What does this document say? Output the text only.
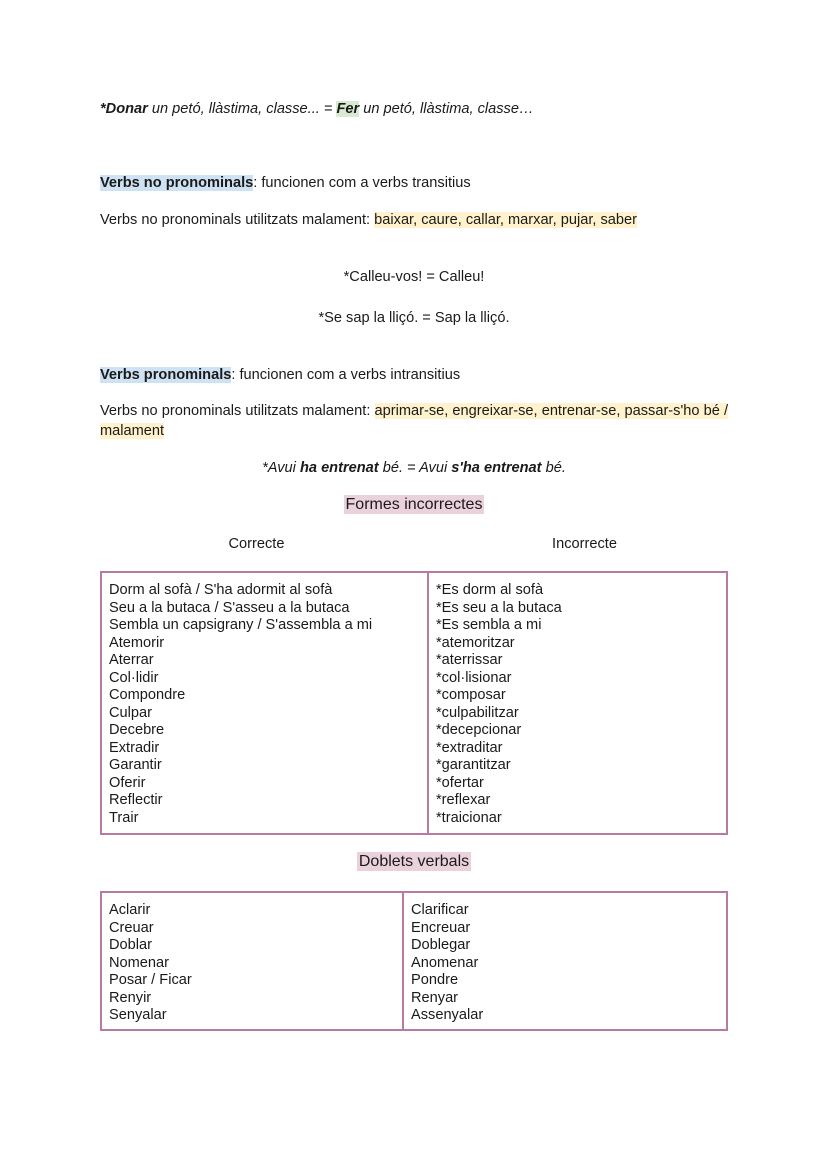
*Donar un petó, llàstima, classe... = Fer un petó, llàstima, classe…
Verbs no pronominals: funcionen com a verbs transitius
Verbs no pronominals utilitzats malament: baixar, caure, callar, marxar, pujar, saber
*Calleu-vos! = Calleu!
*Se sap la lliçó. = Sap la lliçó.
Verbs pronominals: funcionen com a verbs intransitius
Verbs no pronominals utilitzats malament: aprimar-se, engreixar-se, entrenar-se, passar-s'ho bé / malament
*Avui ha entrenat bé. = Avui s'ha entrenat bé.
Formes incorrectes
Correcte	Incorrecte
Dorm al sofà / S'ha adormit al sofà
Seu a la butaca / S'asseu a la butaca
Sembla un capsigrany / S'assembla a mi
Atemorir
Aterrar
Col·lidir
Compondre
Culpar
Decebre
Extradir
Garantir
Oferir
Reflectir
Trair
*Es dorm al sofà
*Es seu a la butaca
*Es sembla a mi
*atemoritzar
*aterrissar
*col·lisionar
*composar
*culpabilitzar
*decepcionar
*extraditar
*garantitzar
*ofertar
*reflexar
*traicionar
Doblets verbals
Aclarir
Creuar
Doblar
Nomenar
Posar / Ficar
Renyir
Senyalar
Clarificar
Encreuar
Doblegar
Anomenar
Pondre
Renyar
Assenyalar
